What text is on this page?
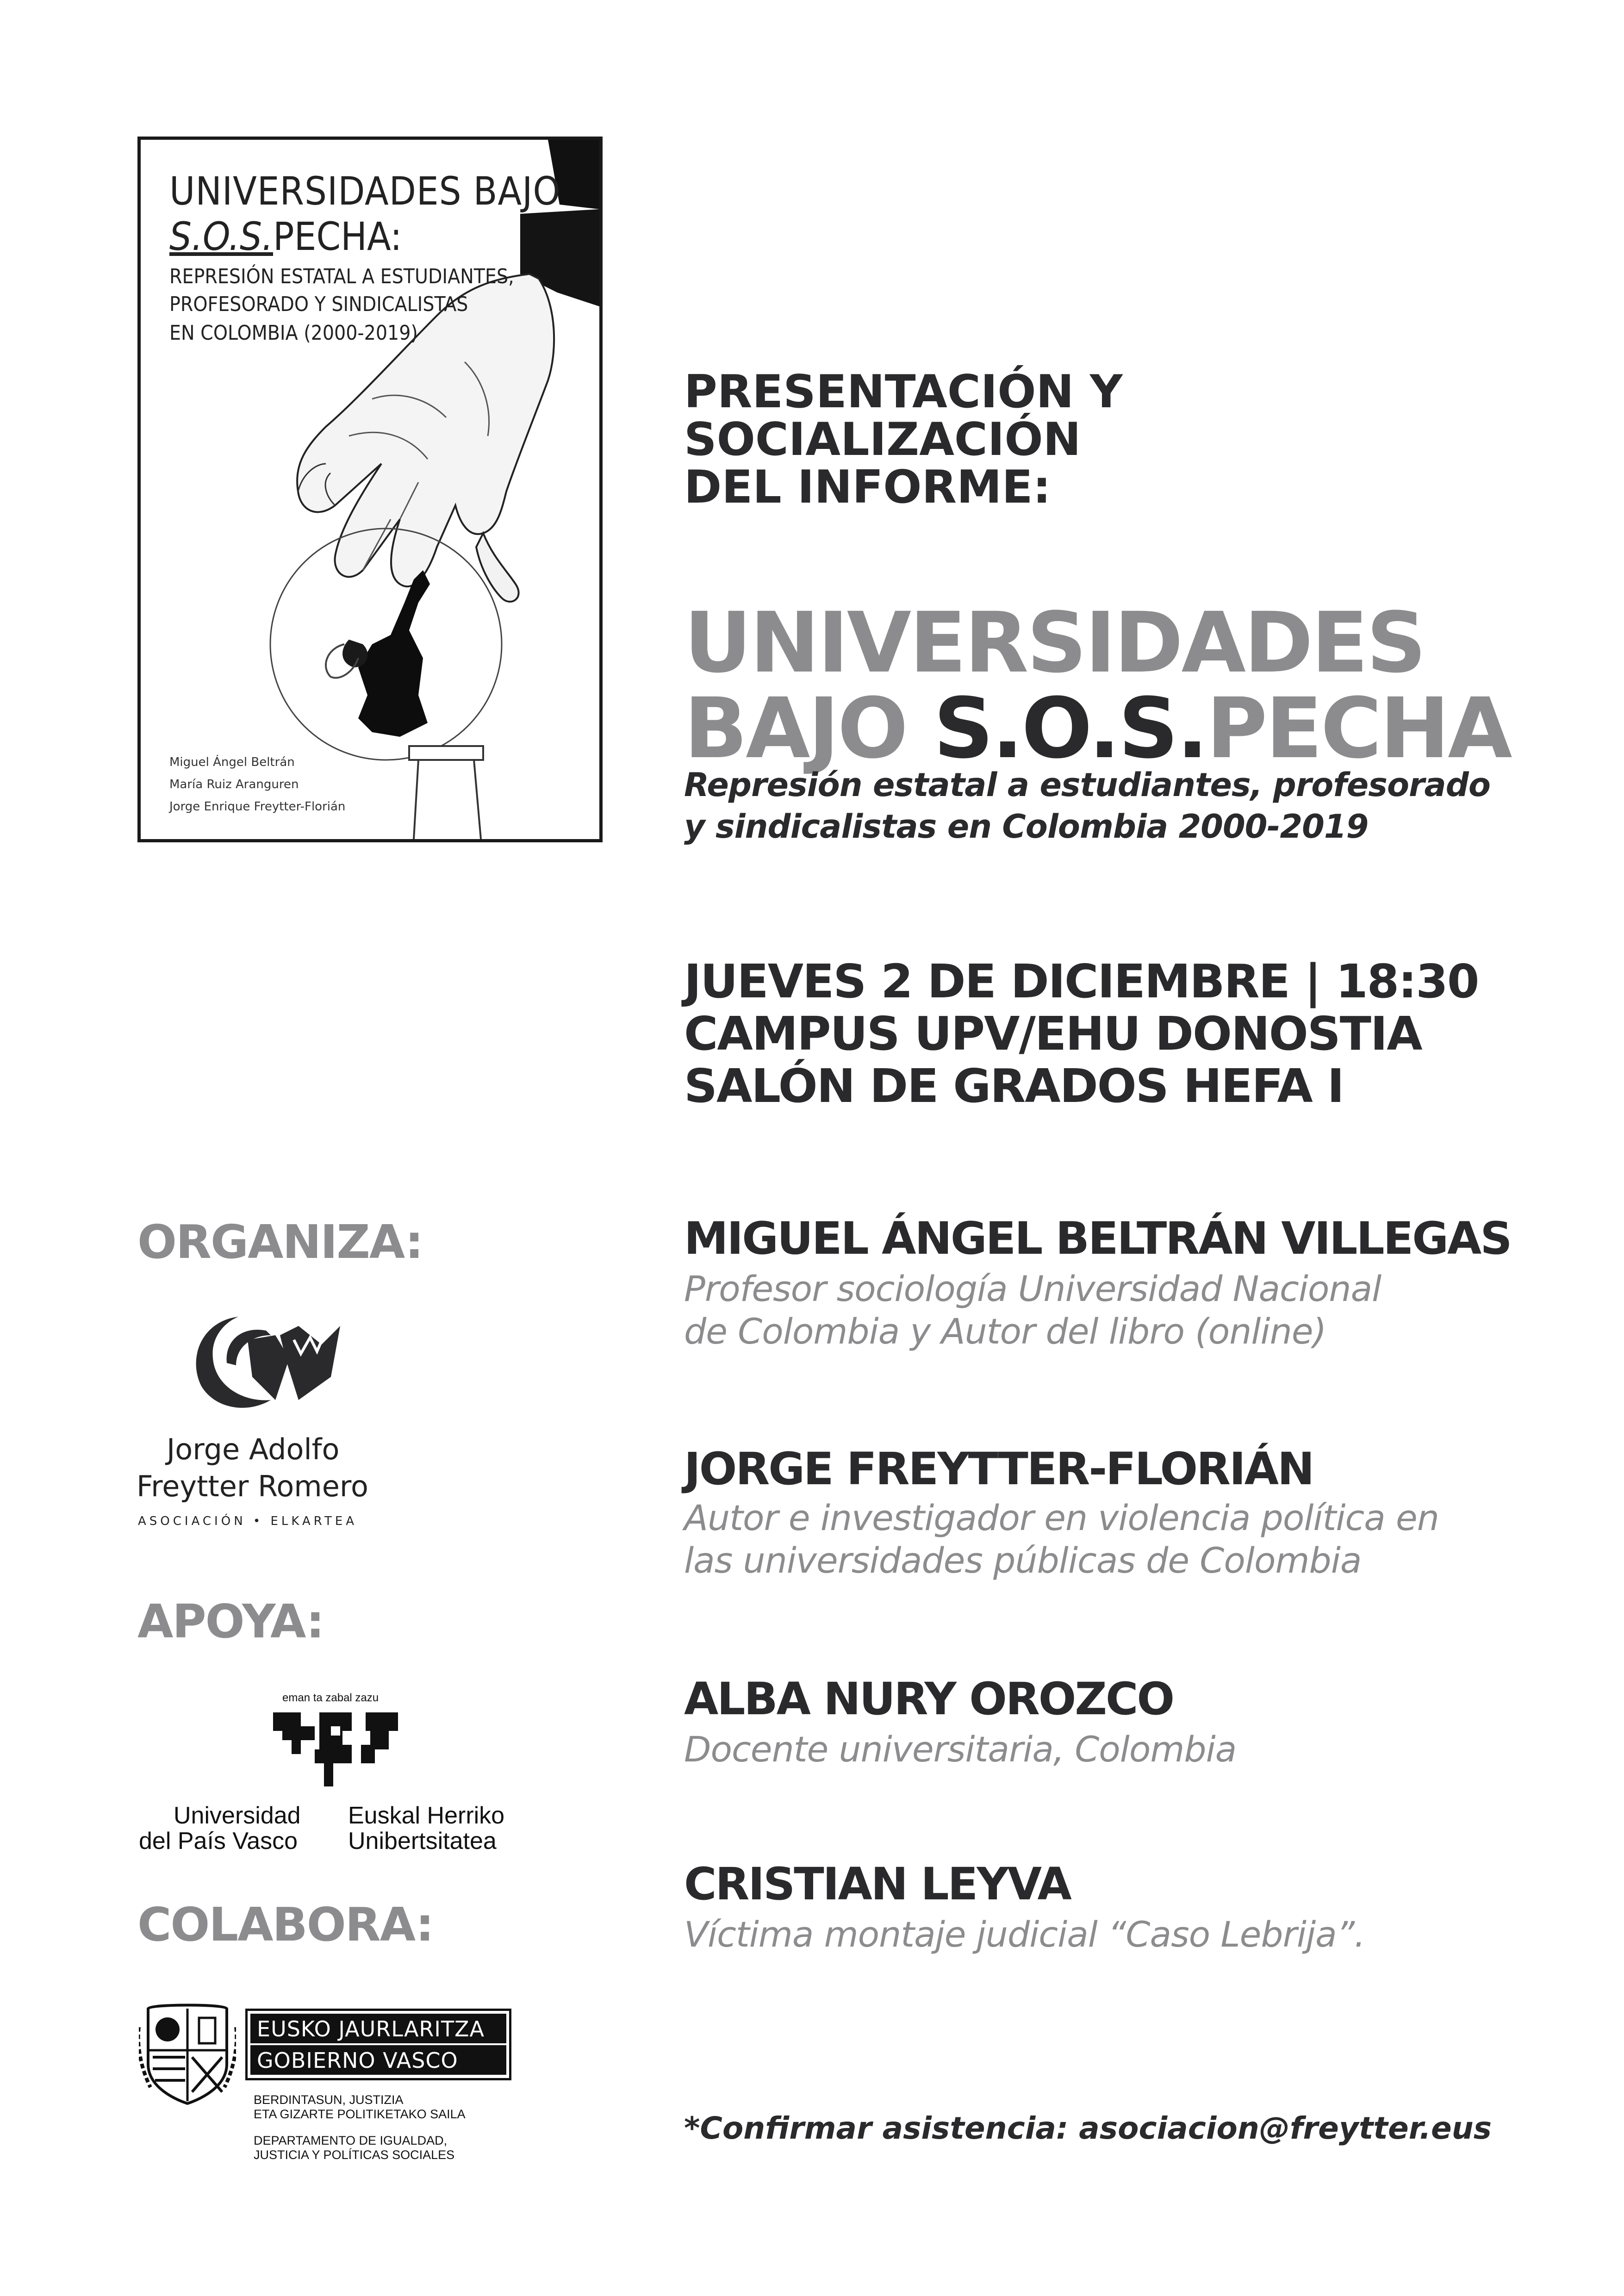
UNIVERSIDADES BAJO
S.O.S.PECHA:
REPRESIÓN ESTATAL A ESTUDIANTES,
PROFESORADO Y SINDICALISTAS
EN COLOMBIA (2000-2019)
Miguel Ángel Beltrán
María Ruiz Aranguren
Jorge Enrique Freytter-Florián
PRESENTACIÓN Y
SOCIALIZACIÓN
DEL INFORME:
UNIVERSIDADES
BAJO S.O.S.PECHA
Represión estatal a estudiantes, profesorado
y sindicalistas en Colombia 2000-2019
JUEVES 2 DE DICIEMBRE | 18:30
CAMPUS UPV/EHU DONOSTIA
SALÓN DE GRADOS HEFA I
MIGUEL ÁNGEL BELTRÁN VILLEGAS
Profesor sociología Universidad Nacional
de Colombia y Autor del libro (online)
JORGE FREYTTER-FLORIÁN
Autor e investigador en violencia política en
las universidades públicas de Colombia
ALBA NURY OROZCO
Docente universitaria, Colombia
CRISTIAN LEYVA
Víctima montaje judicial “Caso Lebrija”.
*Confirmar asistencia: asociacion@freytter.eus
ORGANIZA:
Jorge Adolfo
Freytter Romero
ASOCIACIÓN • ELKARTEA
APOYA:
eman ta zabal zazu
Universidad
del País Vasco
Euskal Herriko
Unibertsitatea
COLABORA:
EUSKO JAURLARITZA
GOBIERNO VASCO
BERDINTASUN, JUSTIZIA
ETA GIZARTE POLITIKETAKO SAILA
DEPARTAMENTO DE IGUALDAD,
JUSTICIA Y POLÍTICAS SOCIALES
